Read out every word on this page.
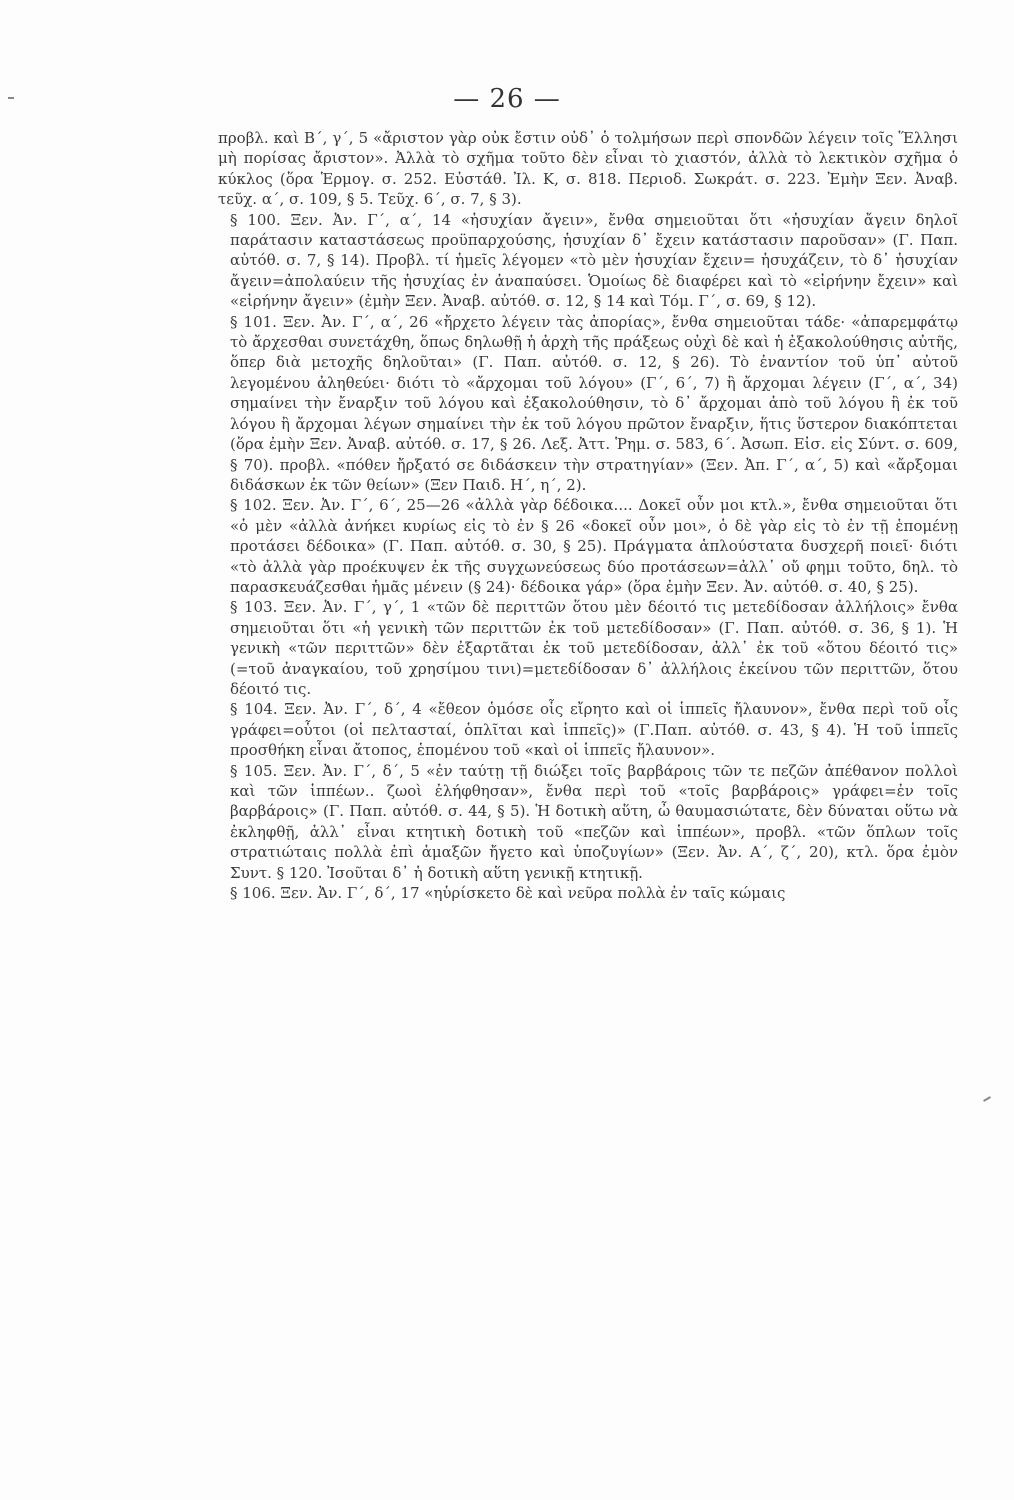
— 26 —

προβλ. καὶ Β΄, γ΄, 5 «ἄριστον γὰρ οὐκ ἔστιν οὐδ᾽ ὁ τολμήσων περὶ σπονδῶν λέγειν τοῖς Ἕλλησι μὴ πορίσας ἄριστον». Ἀλλὰ τὸ σχῆμα τοῦτο δὲν εἶναι τὸ χιαστόν, ἀλλὰ τὸ λεκτικὸν σχῆμα ὁ κύκλος (ὅρα Ἑρμογ. σ. 252. Εὐστάθ. Ἰλ. Κ, σ. 818. Περιοδ. Σωκράτ. σ. 223. Ἐμὴν Ξεν. Ἀναβ. τεῦχ. α΄, σ. 109, § 5. Τεῦχ. 6΄, σ. 7, § 3).

§ 100. Ξεν. Ἀν. Γ΄, α΄, 14 «ἡσυχίαν ἄγειν», ἔνθα σημειοῦται ὅτι «ἡσυχίαν ἄγειν δηλοῖ παράτασιν καταστάσεως προϋπαρχούσης, ἡσυχίαν δ᾽ ἔχειν κατάστασιν παροῦσαν» (Γ. Παπ. αὐτόθ. σ. 7, § 14). Προβλ. τί ἡμεῖς λέγομεν «τὸ μὲν ἡσυχίαν ἔχειν= ἡσυχάζειν, τὸ δ᾽ ἡσυχίαν ἄγειν=ἀπολαύειν τῆς ἡσυχίας ἐν ἀναπαύσει. Ὁμοίως δὲ διαφέρει καὶ τὸ «εἰρήνην ἔχειν» καὶ «εἰρήνην ἄγειν» (ἐμὴν Ξεν. Ἀναβ. αὐτόθ. σ. 12, § 14 καὶ Τόμ. Γ΄, σ. 69, § 12).

§ 101. Ξεν. Ἀν. Γ΄, α΄, 26 «ἤρχετο λέγειν τὰς ἀπορίας», ἔνθα σημειοῦται τάδε· «ἀπαρεμφάτῳ τὸ ἄρχεσθαι συνετάχθη, ὅπως δηλωθῇ ἡ ἀρχὴ τῆς πράξεως οὐχὶ δὲ καὶ ἡ ἐξακολούθησις αὐτῆς, ὅπερ διὰ μετοχῆς δηλοῦται» (Γ. Παπ. αὐτόθ. σ. 12, § 26). Τὸ ἐναντίον τοῦ ὑπ᾽ αὐτοῦ λεγομένου ἀληθεύει· διότι τὸ «ἄρχομαι τοῦ λόγου» (Γ΄, 6΄, 7) ἢ ἄρχομαι λέγειν (Γ΄, α΄, 34) σημαίνει τὴν ἔναρξιν τοῦ λόγου καὶ ἐξακολούθησιν, τὸ δ᾽ ἄρχομαι ἀπὸ τοῦ λόγου ἢ ἐκ τοῦ λόγου ἢ ἄρχομαι λέγων σημαίνει τὴν ἐκ τοῦ λόγου πρῶτον ἔναρξιν, ἥτις ὕστερον διακόπτεται (ὅρα ἐμὴν Ξεν. Ἀναβ. αὐτόθ. σ. 17, § 26. Λεξ. Ἀττ. Ῥημ. σ. 583, 6΄. Ἀσωπ. Εἰσ. εἰς Σύντ. σ. 609, § 70). προβλ. «πόθεν ἤρξατό σε διδάσκειν τὴν στρατηγίαν» (Ξεν. Ἀπ. Γ΄, α΄, 5) καὶ «ἄρξομαι διδάσκων ἐκ τῶν θείων» (Ξεν Παιδ. Η΄, η΄, 2).

§ 102. Ξεν. Ἀν. Γ΄, 6΄, 25—26 «ἀλλὰ γὰρ δέδοικα.... Δοκεῖ οὖν μοι κτλ.», ἔνθα σημειοῦται ὅτι «ὁ μὲν «ἀλλὰ ἀνήκει κυρίως εἰς τὸ ἐν § 26 «δοκεῖ οὖν μοι», ὁ δὲ γὰρ εἰς τὸ ἐν τῇ ἑπομένῃ προτάσει δέδοικα» (Γ. Παπ. αὐτόθ. σ. 30, § 25). Πράγματα ἁπλούστατα δυσχερῆ ποιεῖ· διότι «τὸ ἀλλὰ γὰρ προέκυψεν ἐκ τῆς συγχωνεύσεως δύο προτάσεων=ἀλλ᾽ οὔ φημι τοῦτο, δηλ. τὸ παρασκευάζεσθαι ἡμᾶς μένειν (§ 24)· δέδοικα γάρ» (ὅρα ἐμὴν Ξεν. Ἀν. αὐτόθ. σ. 40, § 25).

§ 103. Ξεν. Ἀν. Γ΄, γ΄, 1 «τῶν δὲ περιττῶν ὅτου μὲν δέοιτό τις μετεδίδοσαν ἀλλήλοις» ἔνθα σημειοῦται ὅτι «ἡ γενικὴ τῶν περιττῶν ἐκ τοῦ μετεδίδοσαν» (Γ. Παπ. αὐτόθ. σ. 36, § 1). Ἡ γενικὴ «τῶν περιττῶν» δὲν ἐξαρτᾶται ἐκ τοῦ μετεδίδοσαν, ἀλλ᾽ ἐκ τοῦ «ὅτου δέοιτό τις» (=τοῦ ἀναγκαίου, τοῦ χρησίμου τινι)=μετεδίδοσαν δ᾽ ἀλλήλοις ἐκείνου τῶν περιττῶν, ὅτου δέοιτό τις.

§ 104. Ξεν. Ἀν. Γ΄, δ΄, 4 «ἔθεον ὁμόσε οἷς εἴρητο καὶ οἱ ἱππεῖς ἤλαυνον», ἔνθα περὶ τοῦ οἷς γράφει=οὗτοι (οἱ πελτασταί, ὁπλῖται καὶ ἱππεῖς)» (Γ.Παπ. αὐτόθ. σ. 43, § 4). Ἡ τοῦ ἱππεῖς προσθήκη εἶναι ἄτοπος, ἑπομένου τοῦ «καὶ οἱ ἱππεῖς ἤλαυνον».

§ 105. Ξεν. Ἀν. Γ΄, δ΄, 5 «ἐν ταύτῃ τῇ διώξει τοῖς βαρβάροις τῶν τε πεζῶν ἀπέθανον πολλοὶ καὶ τῶν ἱππέων.. ζωοὶ ἐλήφθησαν», ἔνθα περὶ τοῦ «τοῖς βαρβάροις» γράφει=ἐν τοῖς βαρβάροις» (Γ. Παπ. αὐτόθ. σ. 44, § 5). Ἡ δοτικὴ αὕτη, ὦ θαυμασιώτατε, δὲν δύναται οὕτω νὰ ἐκληφθῇ, ἀλλ᾽ εἶναι κτητικὴ δοτικὴ τοῦ «πεζῶν καὶ ἱππέων», προβλ. «τῶν ὅπλων τοῖς στρατιώταις πολλὰ ἐπὶ ἁμαξῶν ἤγετο καὶ ὑποζυγίων» (Ξεν. Ἀν. Α΄, ζ΄, 20), κτλ. ὅρα ἐμὸν Συντ. § 120. Ἰσοῦται δ᾽ ἡ δοτικὴ αὕτη γενικῇ κτητικῇ.

§ 106. Ξεν. Ἀν. Γ΄, δ΄, 17 «ηὑρίσκετο δὲ καὶ νεῦρα πολλὰ ἐν ταῖς κώμαις
